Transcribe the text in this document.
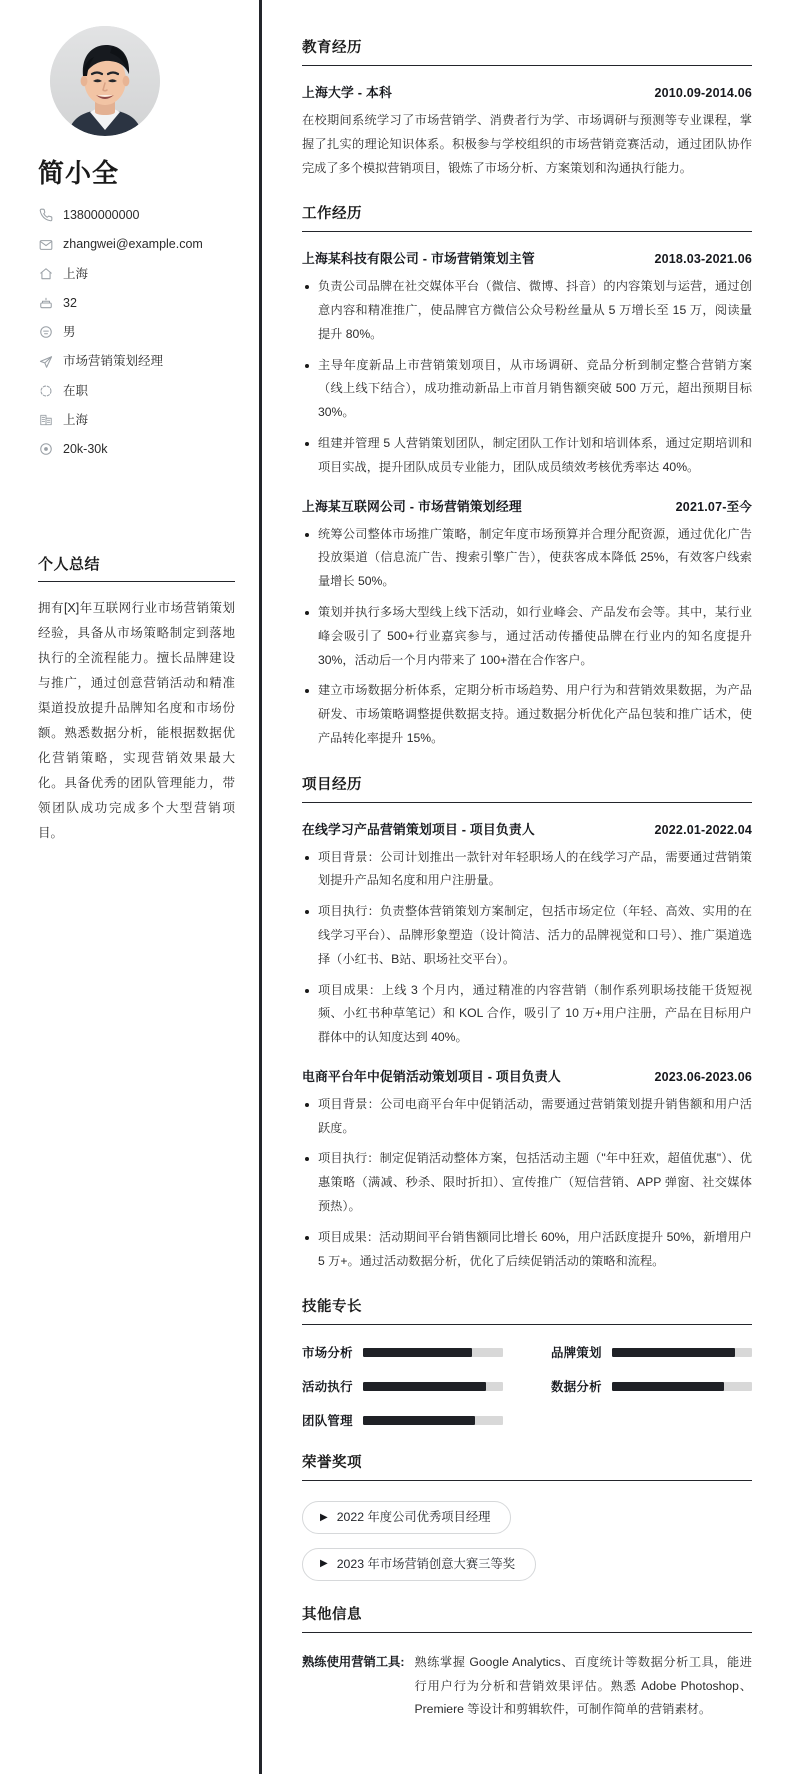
简小全
13800000000
zhangwei@example.com
上海
32
男
市场营销策划经理
在职
上海
20k-30k
个人总结

拥有[X]年互联网行业市场营销策划经验，具备从市场策略制定到落地执行的全流程能力。擅长品牌建设与推广，通过创意营销活动和精准渠道投放提升品牌知名度和市场份额。熟悉数据分析，能根据数据优化营销策略，实现营销效果最大化。具备优秀的团队管理能力，带领团队成功完成多个大型营销项目。

教育经历
上海大学 - 本科	2010.09-2014.06

在校期间系统学习了市场营销学、消费者行为学、市场调研与预测等专业课程，掌握了扎实的理论知识体系。积极参与学校组织的市场营销竞赛活动，通过团队协作完成了多个模拟营销项目，锻炼了市场分析、方案策划和沟通执行能力。

工作经历
上海某科技有限公司 - 市场营销策划主管	2018.03-2021.06
负责公司品牌在社交媒体平台（微信、微博、抖音）的内容策划与运营，通过创意内容和精准推广，使品牌官方微信公众号粉丝量从 5 万增长至 15 万，阅读量提升 80%。
主导年度新品上市营销策划项目，从市场调研、竞品分析到制定整合营销方案（线上线下结合），成功推动新品上市首月销售额突破 500 万元，超出预期目标 30%。
组建并管理 5 人营销策划团队，制定团队工作计划和培训体系，通过定期培训和项目实战，提升团队成员专业能力，团队成员绩效考核优秀率达 40%。
上海某互联网公司 - 市场营销策划经理	2021.07-至今
统筹公司整体市场推广策略，制定年度市场预算并合理分配资源，通过优化广告投放渠道（信息流广告、搜索引擎广告），使获客成本降低 25%，有效客户线索量增长 50%。
策划并执行多场大型线上线下活动，如行业峰会、产品发布会等。其中，某行业峰会吸引了 500+行业嘉宾参与，通过活动传播使品牌在行业内的知名度提升 30%，活动后一个月内带来了 100+潜在合作客户。
建立市场数据分析体系，定期分析市场趋势、用户行为和营销效果数据，为产品研发、市场策略调整提供数据支持。通过数据分析优化产品包装和推广话术，使产品转化率提升 15%。
项目经历
在线学习产品营销策划项目 - 项目负责人	2022.01-2022.04
项目背景：公司计划推出一款针对年轻职场人的在线学习产品，需要通过营销策划提升产品知名度和用户注册量。
项目执行：负责整体营销策划方案制定，包括市场定位（年轻、高效、实用的在线学习平台）、品牌形象塑造（设计简洁、活力的品牌视觉和口号）、推广渠道选择（小红书、B站、职场社交平台）。
项目成果：上线 3 个月内，通过精准的内容营销（制作系列职场技能干货短视频、小红书种草笔记）和 KOL 合作，吸引了 10 万+用户注册，产品在目标用户群体中的认知度达到 40%。
电商平台年中促销活动策划项目 - 项目负责人	2023.06-2023.06
项目背景：公司电商平台年中促销活动，需要通过营销策划提升销售额和用户活跃度。
项目执行：制定促销活动整体方案，包括活动主题（"年中狂欢，超值优惠"）、优惠策略（满减、秒杀、限时折扣）、宣传推广（短信营销、APP 弹窗、社交媒体预热）。
项目成果：活动期间平台销售额同比增长 60%，用户活跃度提升 50%，新增用户 5 万+。通过活动数据分析，优化了后续促销活动的策略和流程。
技能专长
市场分析	品牌策划
活动执行	数据分析
团队管理
荣誉奖项
▶ 2022 年度公司优秀项目经理
▶ 2023 年市场营销创意大赛三等奖
其他信息
熟练使用营销工具: 熟练掌握 Google Analytics、百度统计等数据分析工具，能进行用户行为分析和营销效果评估。熟悉 Adobe Photoshop、Premiere 等设计和剪辑软件，可制作简单的营销素材。
